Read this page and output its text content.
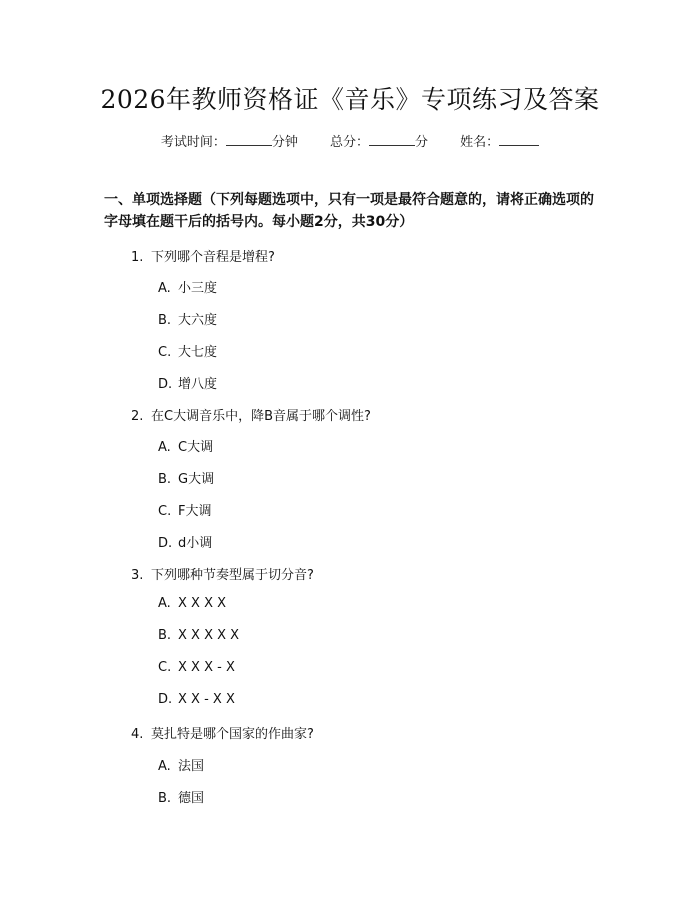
2026年教师资格证《音乐》专项练习及答案
考试时间：	分钟 总分：	分 姓名：
一、单项选择题（下列每题选项中，只有一项是最符合题意的，请将正确选项的字母填在题干后的括号内。每小题2分，共30分）
1. 下列哪个音程是增程?
A. 小三度
B. 大六度
C. 大七度
D. 增八度
2. 在C大调音乐中，降B音属于哪个调性?
A. C大调
B. G大调
C. F大调
D. d小调
3. 下列哪种节奏型属于切分音?
A. X X X X
B. X X X X X
C. X X X - X
D. X X - X X
4. 莫扎特是哪个国家的作曲家?
A. 法国
B. 德国
